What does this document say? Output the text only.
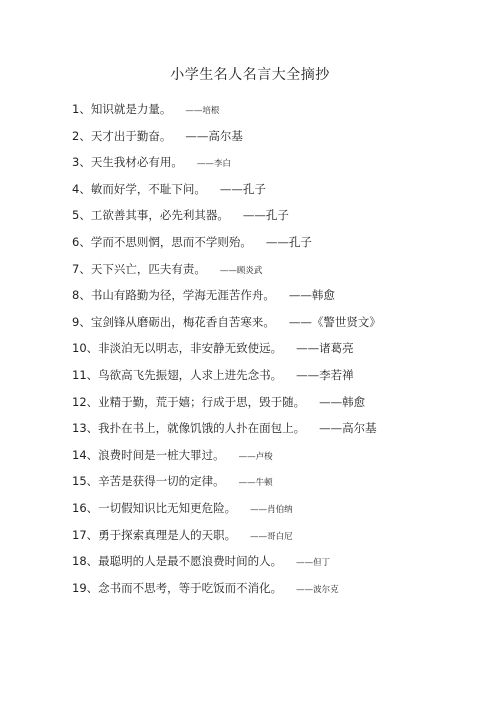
小学生名人名言大全摘抄
1、知识就是力量。 ——培根
2、天才出于勤奋。 ——高尔基
3、天生我材必有用。 ——李白
4、敏而好学，不耻下问。 ——孔子
5、工欲善其事，必先利其器。 ——孔子
6、学而不思则惘，思而不学则殆。 ——孔子
7、天下兴亡，匹夫有责。 ——顾炎武
8、书山有路勤为径，学海无涯苦作舟。 ——韩愈
9、宝剑锋从磨砺出，梅花香自苦寒来。 ——《警世贤文》
10、非淡泊无以明志，非安静无致使远。 ——诸葛亮
11、鸟欲高飞先振翅，人求上进先念书。 ——李若禅
12、业精于勤，荒于嬉；行成于思，毁于随。 ——韩愈
13、我扑在书上，就像饥饿的人扑在面包上。 ——高尔基
14、浪费时间是一桩大罪过。 ——卢梭
15、辛苦是获得一切的定律。 ——牛顿
16、一切假知识比无知更危险。 ——肖伯纳
17、勇于探索真理是人的天职。 ——哥白尼
18、最聪明的人是最不愿浪费时间的人。 ——但丁
19、念书而不思考，等于吃饭而不消化。 ——波尔克
